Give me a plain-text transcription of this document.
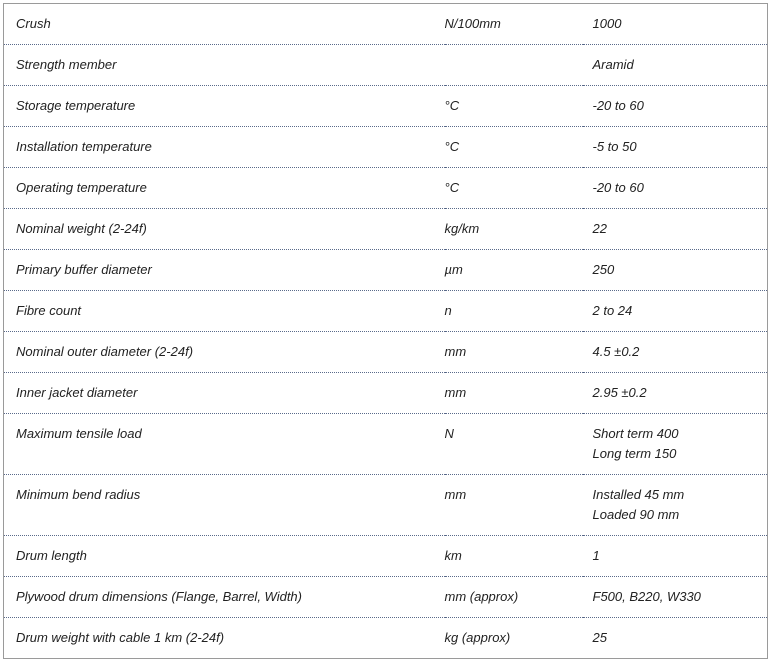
Crush	N/100mm	1000

Strength member		Aramid

Storage temperature	°C	-20 to 60

Installation temperature	°C	-5 to 50

Operating temperature	°C	-20 to 60

Nominal weight (2-24f)	kg/km	22

Primary buffer diameter	µm	250

Fibre count	n	2 to 24

Nominal outer diameter (2-24f)	mm	4.5 ±0.2

Inner jacket diameter	mm	2.95 ±0.2

Maximum tensile load	N	Short term 400
Long term 150

Minimum bend radius	mm	Installed 45 mm
Loaded 90 mm

Drum length	km	1

Plywood drum dimensions (Flange, Barrel, Width)	mm (approx)	F500, B220, W330

Drum weight with cable 1 km (2-24f)	kg (approx)	25
